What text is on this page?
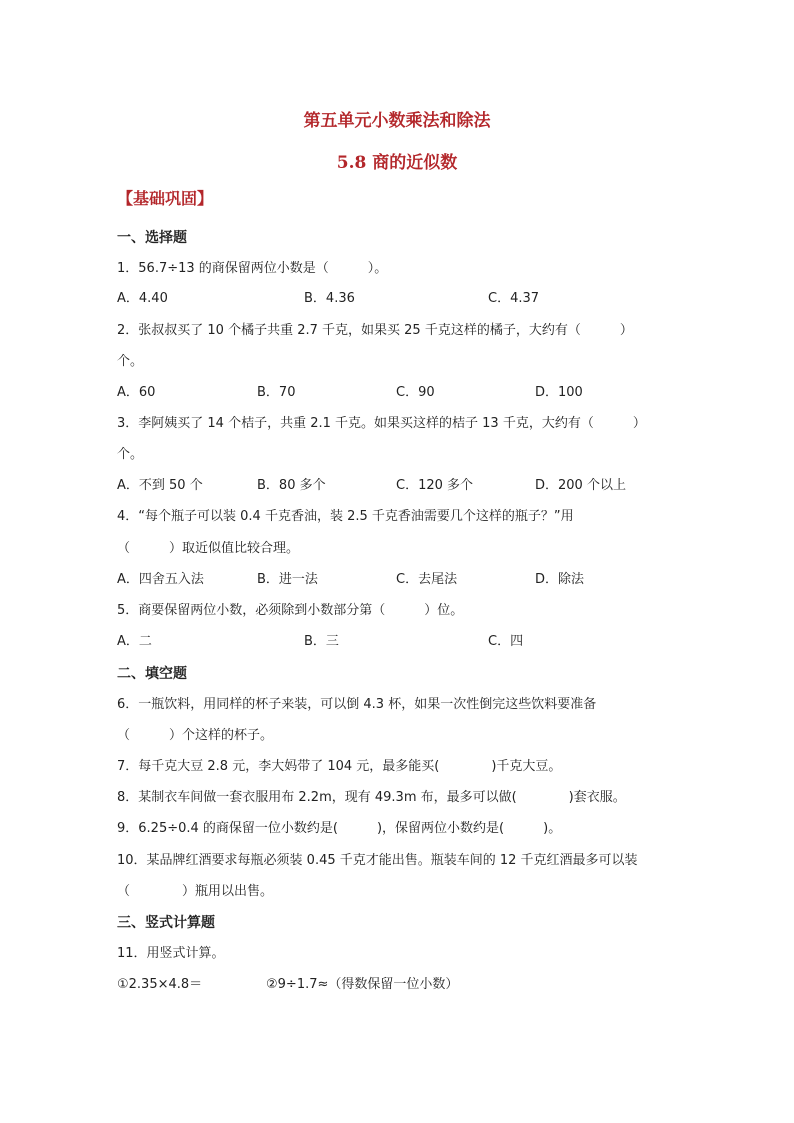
第五单元小数乘法和除法
5.8 商的近似数
【基础巩固】
一、选择题
1．56.7÷13 的商保留两位小数是（　　　）。
A．4.40	B．4.36	C．4.37
2．张叔叔买了 10 个橘子共重 2.7 千克，如果买 25 千克这样的橘子，大约有（　　　）
个。
A．60	B．70	C．90	D．100
3．李阿姨买了 14 个桔子，共重 2.1 千克。如果买这样的桔子 13 千克，大约有（　　　）
个。
A．不到 50 个	B．80 多个	C．120 多个	D．200 个以上
4．“每个瓶子可以装 0.4 千克香油，装 2.5 千克香油需要几个这样的瓶子？”用
（　　　）取近似值比较合理。
A．四舍五入法	B．进一法	C．去尾法	D．除法
5．商要保留两位小数，必须除到小数部分第（　　　）位。
A．二	B．三	C．四
二、填空题
6．一瓶饮料，用同样的杯子来装，可以倒 4.3 杯，如果一次性倒完这些饮料要准备
（　　　）个这样的杯子。
7．每千克大豆 2.8 元，李大妈带了 104 元，最多能买(　　　　)千克大豆。
8．某制衣车间做一套衣服用布 2.2m，现有 49.3m 布，最多可以做(　　　　)套衣服。
9．6.25÷0.4 的商保留一位小数约是(　　　)，保留两位小数约是(　　　)。
10．某品牌红酒要求每瓶必须装 0.45 千克才能出售。瓶装车间的 12 千克红酒最多可以装
（　　　　）瓶用以出售。
三、竖式计算题
11．用竖式计算。
①2.35×4.8＝	②9÷1.7≈（得数保留一位小数）
